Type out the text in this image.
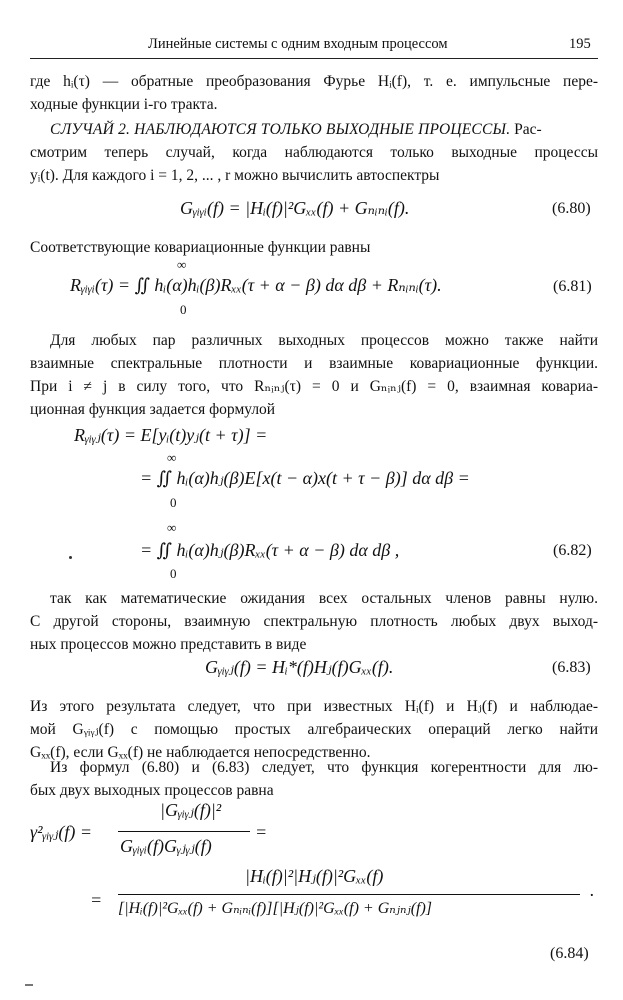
Линейные системы с одним входным процессом	195
где hᵢ(τ) — обратные преобразования Фурье Hᵢ(f), т. е. импульсные пере-
ходные функции i-го тракта.
СЛУЧАЙ 2. НАБЛЮДАЮТСЯ ТОЛЬКО ВЫХОДНЫЕ ПРОЦЕССЫ. Рас-
смотрим теперь случай, когда наблюдаются только выходные процессы
yᵢ(t). Для каждого i = 1, 2, ... , r можно вычислить автоспектры
Gᵧᵢᵧᵢ(f) = |Hᵢ(f)|²Gₓₓ(f) + Gₙᵢₙᵢ(f).	(6.80)
Соответствующие ковариационные функции равны
∞
Rᵧᵢᵧᵢ(τ) = ∬ hᵢ(α)hᵢ(β)Rₓₓ(τ + α − β) dα dβ + Rₙᵢₙᵢ(τ).
0
(6.81)
Для любых пар различных выходных процессов можно также найти
взаимные спектральные плотности и взаимные ковариационные функции.
При i ≠ j в силу того, что Rₙᵢₙⱼ(τ) = 0 и Gₙᵢₙⱼ(f) = 0, взаимная ковариа-
ционная функция задается формулой
Rᵧᵢᵧⱼ(τ) = E[yᵢ(t)yⱼ(t + τ)] =
∞
= ∬ hᵢ(α)hⱼ(β)E[x(t − α)x(t + τ − β)] dα dβ =
0
∞
= ∬ hᵢ(α)hⱼ(β)Rₓₓ(τ + α − β) dα dβ ,
0
(6.82)
так как математические ожидания всех остальных членов равны нулю.
С другой стороны, взаимную спектральную плотность любых двух выход-
ных процессов можно представить в виде
Gᵧᵢᵧⱼ(f) = Hᵢ*(f)Hⱼ(f)Gₓₓ(f).	(6.83)
Из этого результата следует, что при известных Hᵢ(f) и Hⱼ(f) и наблюдае-
мой Gᵧᵢᵧⱼ(f) с помощью простых алгебраических операций легко найти
Gₓₓ(f), если Gₓₓ(f) не наблюдается непосредственно.
Из формул (6.80) и (6.83) следует, что функция когерентности для лю-
бых двух выходных процессов равна
γ²ᵧᵢᵧⱼ(f) =
|Gᵧᵢᵧⱼ(f)|²
Gᵧᵢᵧᵢ(f)Gᵧⱼᵧⱼ(f)
=
=
|Hᵢ(f)|²|Hⱼ(f)|²Gₓₓ(f)
[|Hᵢ(f)|²Gₓₓ(f) + Gₙᵢₙᵢ(f)][|Hⱼ(f)|²Gₓₓ(f) + Gₙⱼₙⱼ(f)]
.
(6.84)
